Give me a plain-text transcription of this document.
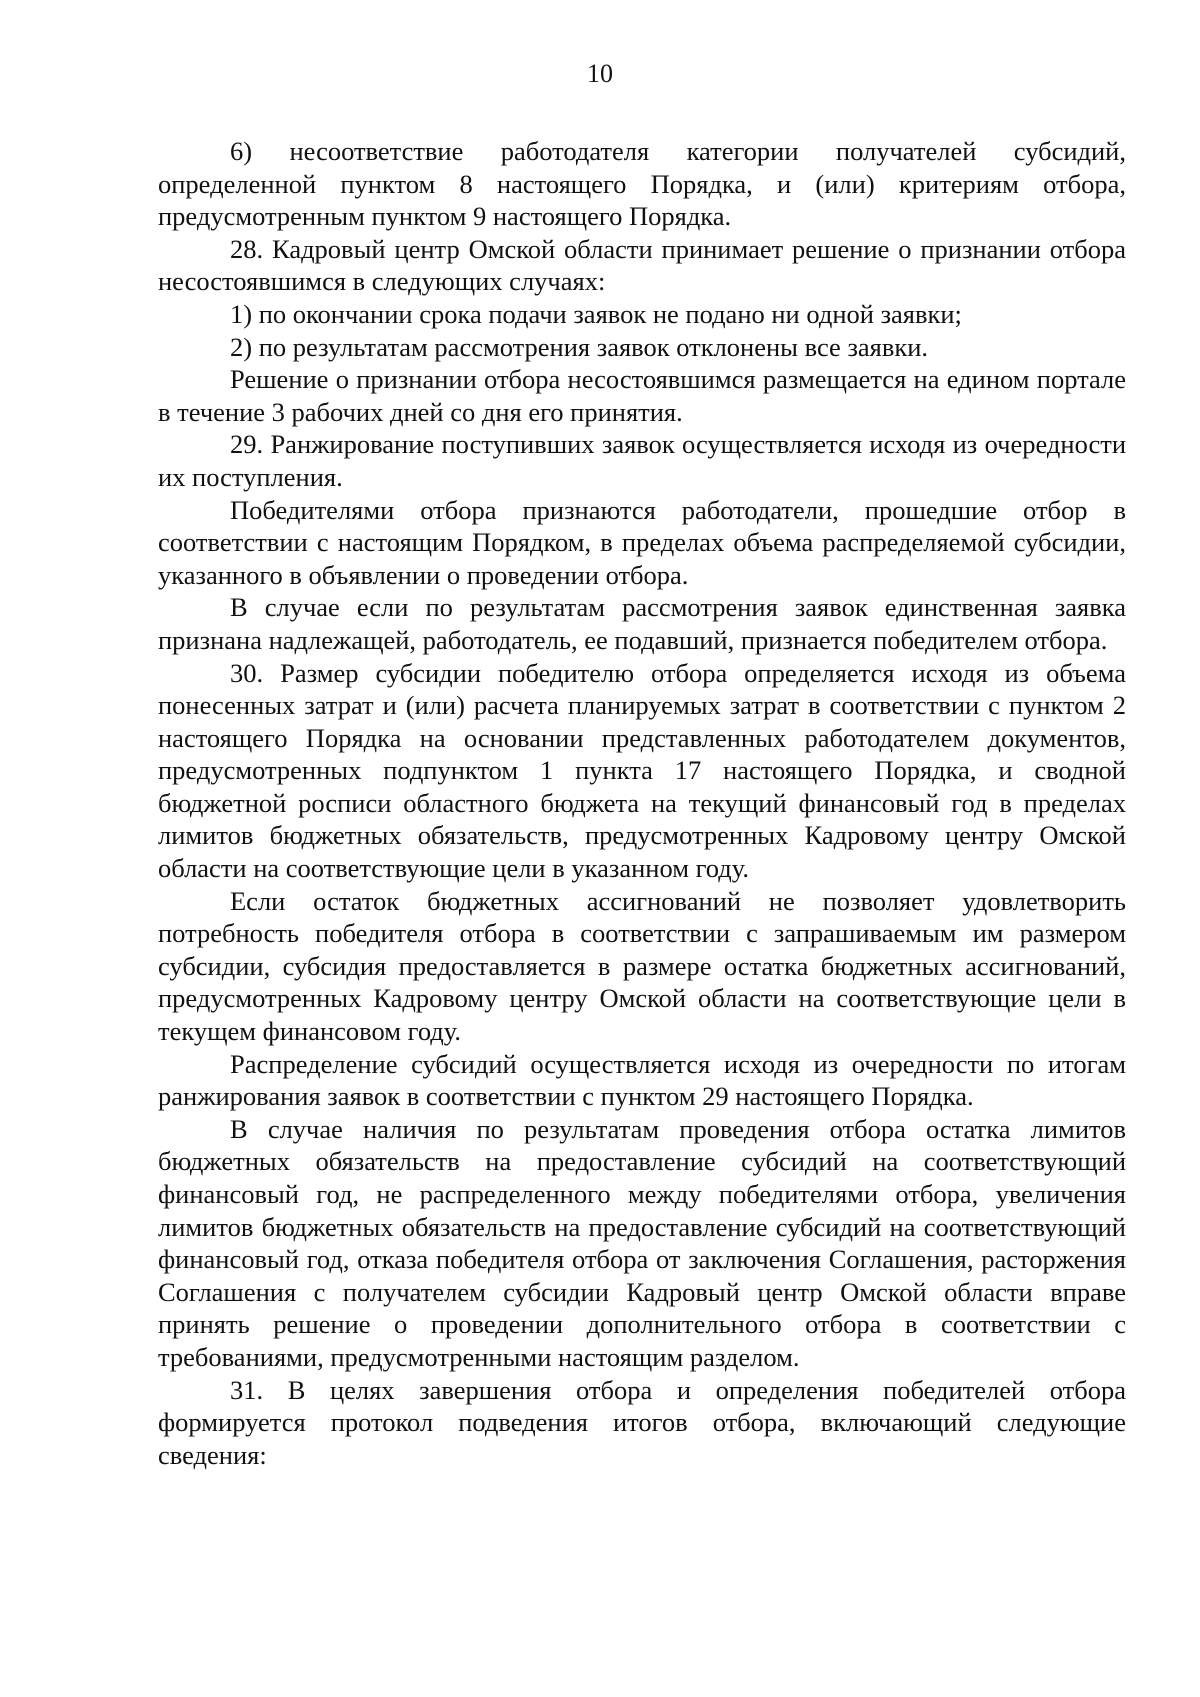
10

6) несоответствие работодателя категории получателей субсидий, определенной пунктом 8 настоящего Порядка, и (или) критериям отбора, предусмотренным пунктом 9 настоящего Порядка.

28. Кадровый центр Омской области принимает решение о признании отбора несостоявшимся в следующих случаях:

1) по окончании срока подачи заявок не подано ни одной заявки;

2) по результатам рассмотрения заявок отклонены все заявки.

Решение о признании отбора несостоявшимся размещается на едином портале в течение 3 рабочих дней со дня его принятия.

29. Ранжирование поступивших заявок осуществляется исходя из очередности их поступления.

Победителями отбора признаются работодатели, прошедшие отбор в соответствии с настоящим Порядком, в пределах объема распределяемой субсидии, указанного в объявлении о проведении отбора.

В случае если по результатам рассмотрения заявок единственная заявка признана надлежащей, работодатель, ее подавший, признается победителем отбора.

30. Размер субсидии победителю отбора определяется исходя из объема понесенных затрат и (или) расчета планируемых затрат в соответствии с пунктом 2 настоящего Порядка на основании представленных работодателем документов, предусмотренных подпунктом 1 пункта 17 настоящего Порядка, и сводной бюджетной росписи областного бюджета на текущий финансовый год в пределах лимитов бюджетных обязательств, предусмотренных Кадровому центру Омской области на соответствующие цели в указанном году.

Если остаток бюджетных ассигнований не позволяет удовлетворить потребность победителя отбора в соответствии с запрашиваемым им размером субсидии, субсидия предоставляется в размере остатка бюджетных ассигнований, предусмотренных Кадровому центру Омской области на соответствующие цели в текущем финансовом году.

Распределение субсидий осуществляется исходя из очередности по итогам ранжирования заявок в соответствии с пунктом 29 настоящего Порядка.

В случае наличия по результатам проведения отбора остатка лимитов бюджетных обязательств на предоставление субсидий на соответствующий финансовый год, не распределенного между победителями отбора, увеличения лимитов бюджетных обязательств на предоставление субсидий на соответствующий финансовый год, отказа победителя отбора от заключения Соглашения, расторжения Соглашения с получателем субсидии Кадровый центр Омской области вправе принять решение о проведении дополнительного отбора в соответствии с требованиями, предусмотренными настоящим разделом.

31. В целях завершения отбора и определения победителей отбора формируется протокол подведения итогов отбора, включающий следующие сведения:
